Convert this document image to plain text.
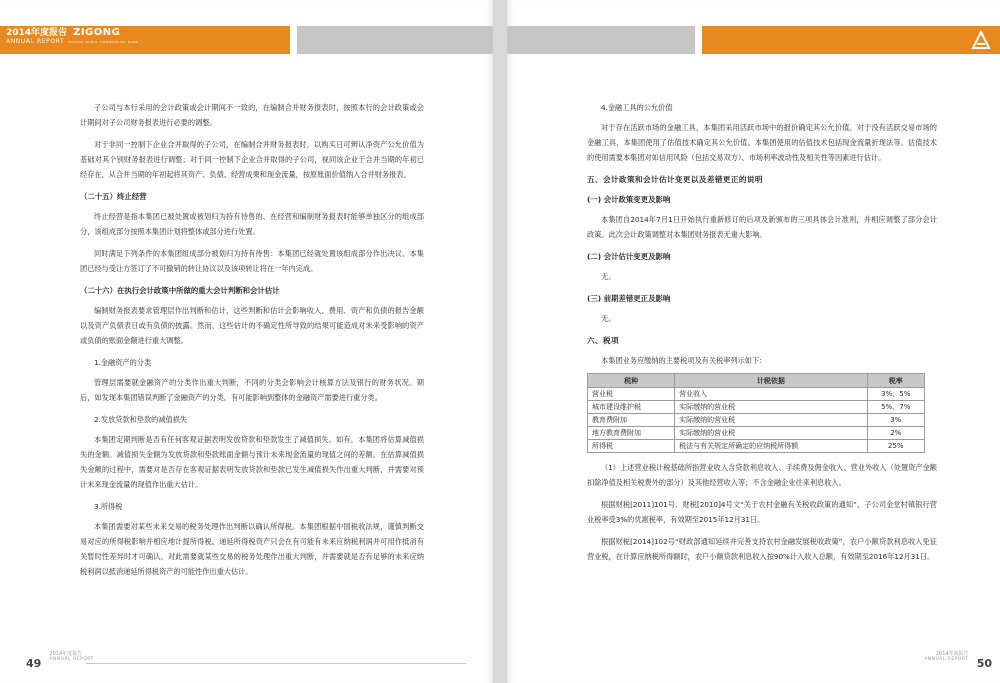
2014年度报告 ZIGONG
ANNUAL REPORT ZIGONG RURAL COMMERCIAL BANK

子公司与本行采用的会计政策或会计期间不一致的，在编制合并财务报表时，按照本行的会计政策或会计期间对子公司财务报表进行必要的调整。

对于非同一控制下企业合并取得的子公司，在编制合并财务报表时，以购买日可辨认净资产公允价值为基础对其个别财务报表进行调整；对于同一控制下企业合并取得的子公司，视同该企业于合并当期的年初已经存在，从合并当期的年初起将其资产、负债、经营成果和现金流量，按原账面价值纳入合并财务报表。

（二十五）终止经营

终止经营是指本集团已被处置或被划归为持有待售的、在经营和编制财务报表时能够单独区分的组成部分，该组成部分按照本集团计划将整体或部分进行处置。

同时满足下列条件的本集团组成部分被划归为持有待售：本集团已经就处置该组成部分作出决议、本集团已经与受让方签订了不可撤销的转让协议以及该项转让将在一年内完成。

（二十六）在执行会计政策中所做的重大会计判断和会计估计

编制财务报表要求管理层作出判断和估计，这些判断和估计会影响收入、费用、资产和负债的报告金额以及资产负债表日或有负债的披露。然而，这些估计的不确定性所导致的结果可能造成对未来受影响的资产或负债的账面金额进行重大调整。

1.金融资产的分类

管理层需要就金融资产的分类作出重大判断，不同的分类会影响会计核算方法及银行的财务状况。期后，如发现本集团错误判断了金融资产的分类，有可能影响到整体的金融资产需要进行重分类。

2.发放贷款和垫款的减值损失

本集团定期判断是否有任何客观证据表明发放贷款和垫款发生了减值损失。如有，本集团将估算减值损失的金额。减值损失金额为发放贷款和垫款账面金额与预计未来现金流量的现值之间的差额。在估算减值损失金额的过程中，需要对是否存在客观证据表明发放贷款和垫款已发生减值损失作出重大判断，并需要对预计未来现金流量的现值作出重大估计。

3.所得税

本集团需要对某些未来交易的税务处理作出判断以确认所得税。本集团根据中国税收法规，谨慎判断交易对应的所得税影响并相应地计提所得税。递延所得税资产只会在有可能有未来应纳税利润并可用作抵消有关暂时性差异时才可确认。对此需要就某些交易的税务处理作出重大判断，并需要就是否有足够的未来应纳税利润以抵消递延所得税资产的可能性作出重大估计。

49
2014年度报告
ANNUAL REPORT

4.金融工具的公允价值

对于存在活跃市场的金融工具，本集团采用活跃市场中的报价确定其公允价值。对于没有活跃交易市场的金融工具，本集团使用了估值技术确定其公允价值。本集团使用的估值技术包括现金流量折现法等。估值技术的使用需要本集团对如信用风险（包括交易双方）、市场利率波动性及相关性等因素进行估计。

五、会计政策和会计估计变更以及差错更正的说明
(一) 会计政策变更及影响

本集团自2014年7月1日开始执行重新修订的后项及新颁布的三项具体会计准则，并相应调整了部分会计政策。此次会计政策调整对本集团财务报表无重大影响。

(二) 会计估计变更及影响

无。

(三) 前期差错更正及影响

无。

六、税项

本集团业务应缴纳的主要税项及有关税率列示如下：

税种	计税依据	税率
营业税	营业收入	3%、5%
城市建设维护税	实际缴纳的营业税	5%、7%
教育费附加	实际缴纳的营业税	3%
地方教育费附加	实际缴纳的营业税	2%
所得税	税法与有关规定所确定的应纳税所得额	25%

（1）上述营业税计税基础所指营业收入含贷款利息收入、手续费及佣金收入、营业外收入（处置资产金额扣除净值及相关税费外的部分）及其他经营收入等；不含金融企业往来利息收入。

根据财税[2011]101号、财税[2010]4号文“关于农村金融有关税收政策的通知”，子公司金堂村镇银行营业税率受3%的优惠税率，有效期至2015年12月31日。

根据财税[2014]102号“财政部通知延续并完善支持农村金融发展税收政策”，农户小额贷款利息收入免征营业税，在计算应纳税所得额时，农户小额贷款利息收入按90%计入收入总额，有效期至2016年12月31日。

2014年度报告
ANNUAL REPORT 50
